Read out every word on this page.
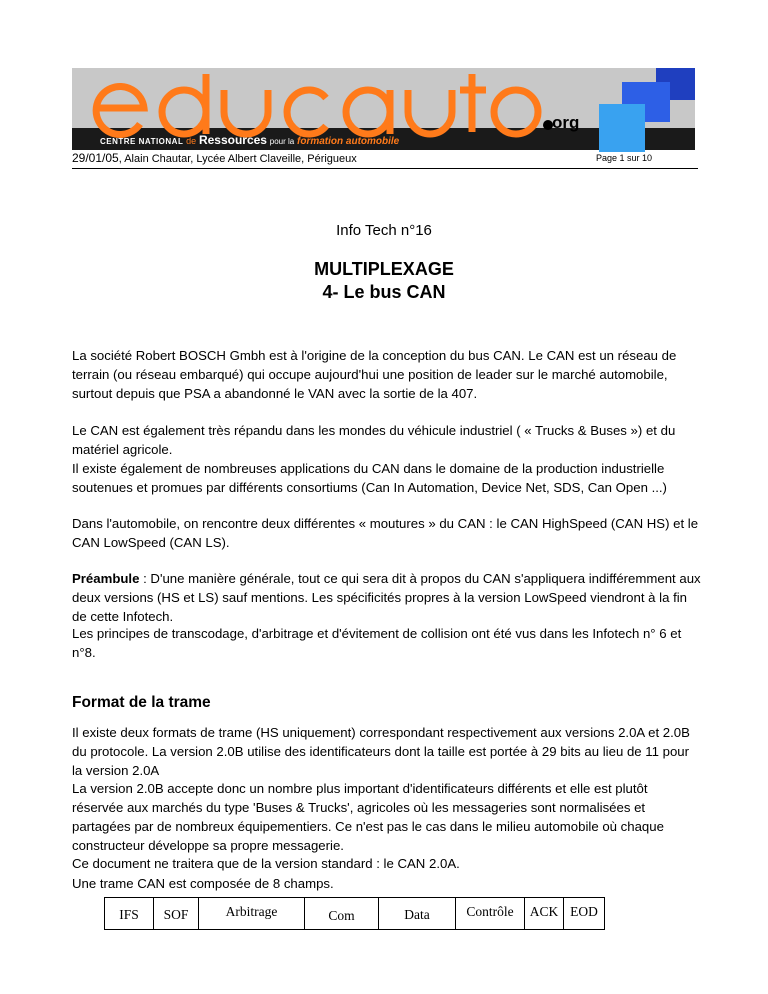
org
CENTRE NATIONAL de Ressources pour la formation automobile
29/01/05, Alain Chautar, Lycée Albert Claveille, Périgueux	Page 1 sur 10
Info Tech n°16
MULTIPLEXAGE
4- Le bus CAN

La société Robert BOSCH Gmbh est à l'origine de la conception du bus CAN. Le CAN est un réseau de terrain (ou réseau embarqué) qui occupe aujourd'hui une position de leader sur le marché automobile, surtout depuis que PSA a abandonné le VAN avec la sortie de la 407.

Le CAN est également très répandu dans les mondes du véhicule industriel ( « Trucks & Buses ») et du matériel agricole.

Il existe également de nombreuses applications du CAN dans le domaine de la production industrielle soutenues et promues par différents consortiums (Can In Automation, Device Net, SDS, Can Open ...)

Dans l'automobile, on rencontre deux différentes « moutures » du CAN : le CAN HighSpeed (CAN HS) et le CAN LowSpeed (CAN LS).

Préambule : D'une manière générale, tout ce qui sera dit à propos du CAN s'appliquera indifféremment aux deux versions (HS et LS) sauf mentions. Les spécificités propres à la version LowSpeed viendront à la fin de cette Infotech.

Les principes de transcodage, d'arbitrage et d'évitement de collision ont été vus dans les Infotech n° 6 et n°8.

Format de la trame

Il existe deux formats de trame (HS uniquement) correspondant respectivement aux versions 2.0A et 2.0B du protocole. La version 2.0B utilise des identificateurs dont la taille est portée à 29 bits au lieu de 11 pour la version 2.0A

La version 2.0B accepte donc un nombre plus important d'identificateurs différents et elle est plutôt réservée aux marchés du type 'Buses & Trucks', agricoles où les messageries sont normalisées et partagées par de nombreux équipementiers. Ce n'est pas le cas dans le milieu automobile où chaque constructeur développe sa propre messagerie.

Ce document ne traitera que de la version standard : le CAN 2.0A.

Une trame CAN est composée de 8 champs.

IFS	SOF	Arbitrage	Com	Data	Contrôle	ACK	EOD
